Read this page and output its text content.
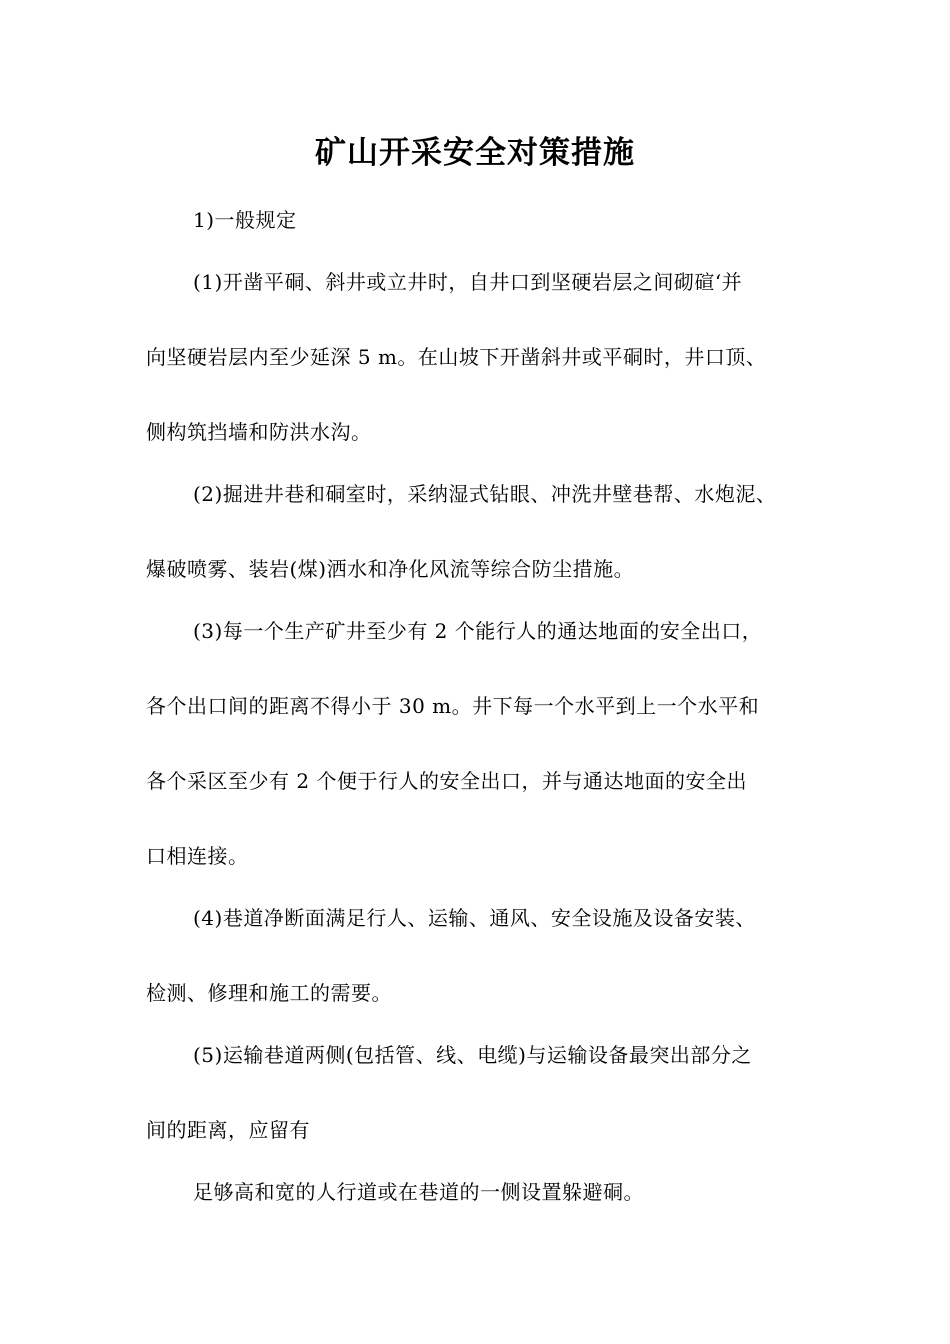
矿山开采安全对策措施
1)一般规定
(1)开凿平硐、斜井或立井时，自井口到坚硬岩层之间砌碹‘并
向坚硬岩层内至少延深 5 m。在山坡下开凿斜井或平硐时，井口顶、
侧构筑挡墙和防洪水沟。
(2)掘进井巷和硐室时，采纳湿式钻眼、冲洗井壁巷帮、水炮泥、
爆破喷雾、装岩(煤)洒水和净化风流等综合防尘措施。
(3)每一个生产矿井至少有 2 个能行人的通达地面的安全出口，
各个出口间的距离不得小于 30 m。井下每一个水平到上一个水平和
各个采区至少有 2 个便于行人的安全出口，并与通达地面的安全出
口相连接。
(4)巷道净断面满足行人、运输、通风、安全设施及设备安装、
检测、修理和施工的需要。
(5)运输巷道两侧(包括管、线、电缆)与运输设备最突出部分之
间的距离，应留有
足够高和宽的人行道或在巷道的一侧设置躲避硐。
